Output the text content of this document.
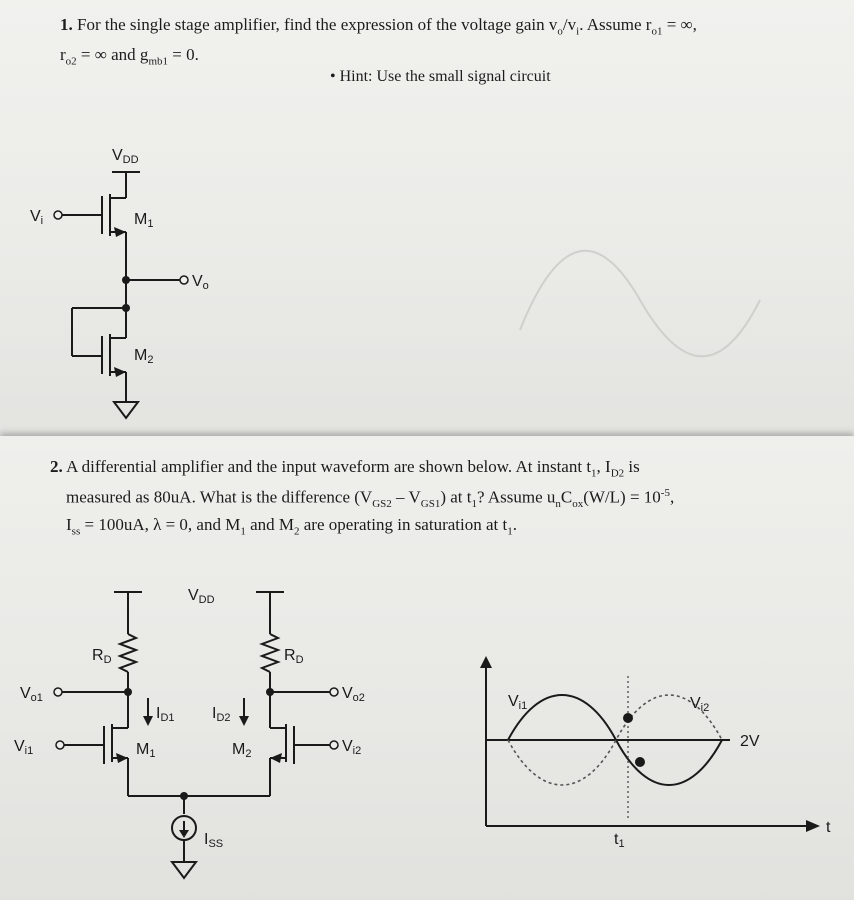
1. For the single stage amplifier, find the expression of the voltage gain $v_o/v_i$. Assume $r_{o1}$ = ∞,
$r_{o2}$ = ∞ and $g_{mb1} = 0$.
• Hint: Use the small signal circuit
VDD
Vi	M1
Vo
M2
2. A differential amplifier and the input waveform are shown below. At instant $t_1$, $I_{D2}$ is
measured as 80uA. What is the difference $(V_{GS2} - V_{GS1})$ at $t_1$? Assume $u_nC_{ox}(W/L) = 10^{-5}$,
$I_{ss} = 100uA$, λ = 0, and $M_1$ and $M_2$ are operating in saturation at $t_1$.
VDD
RD	RD
Vo1	Vo2
Vi1	Vi2
ID1 ID2
M1	M2
ISS
Vi1	Vi2
2V
t
t1
